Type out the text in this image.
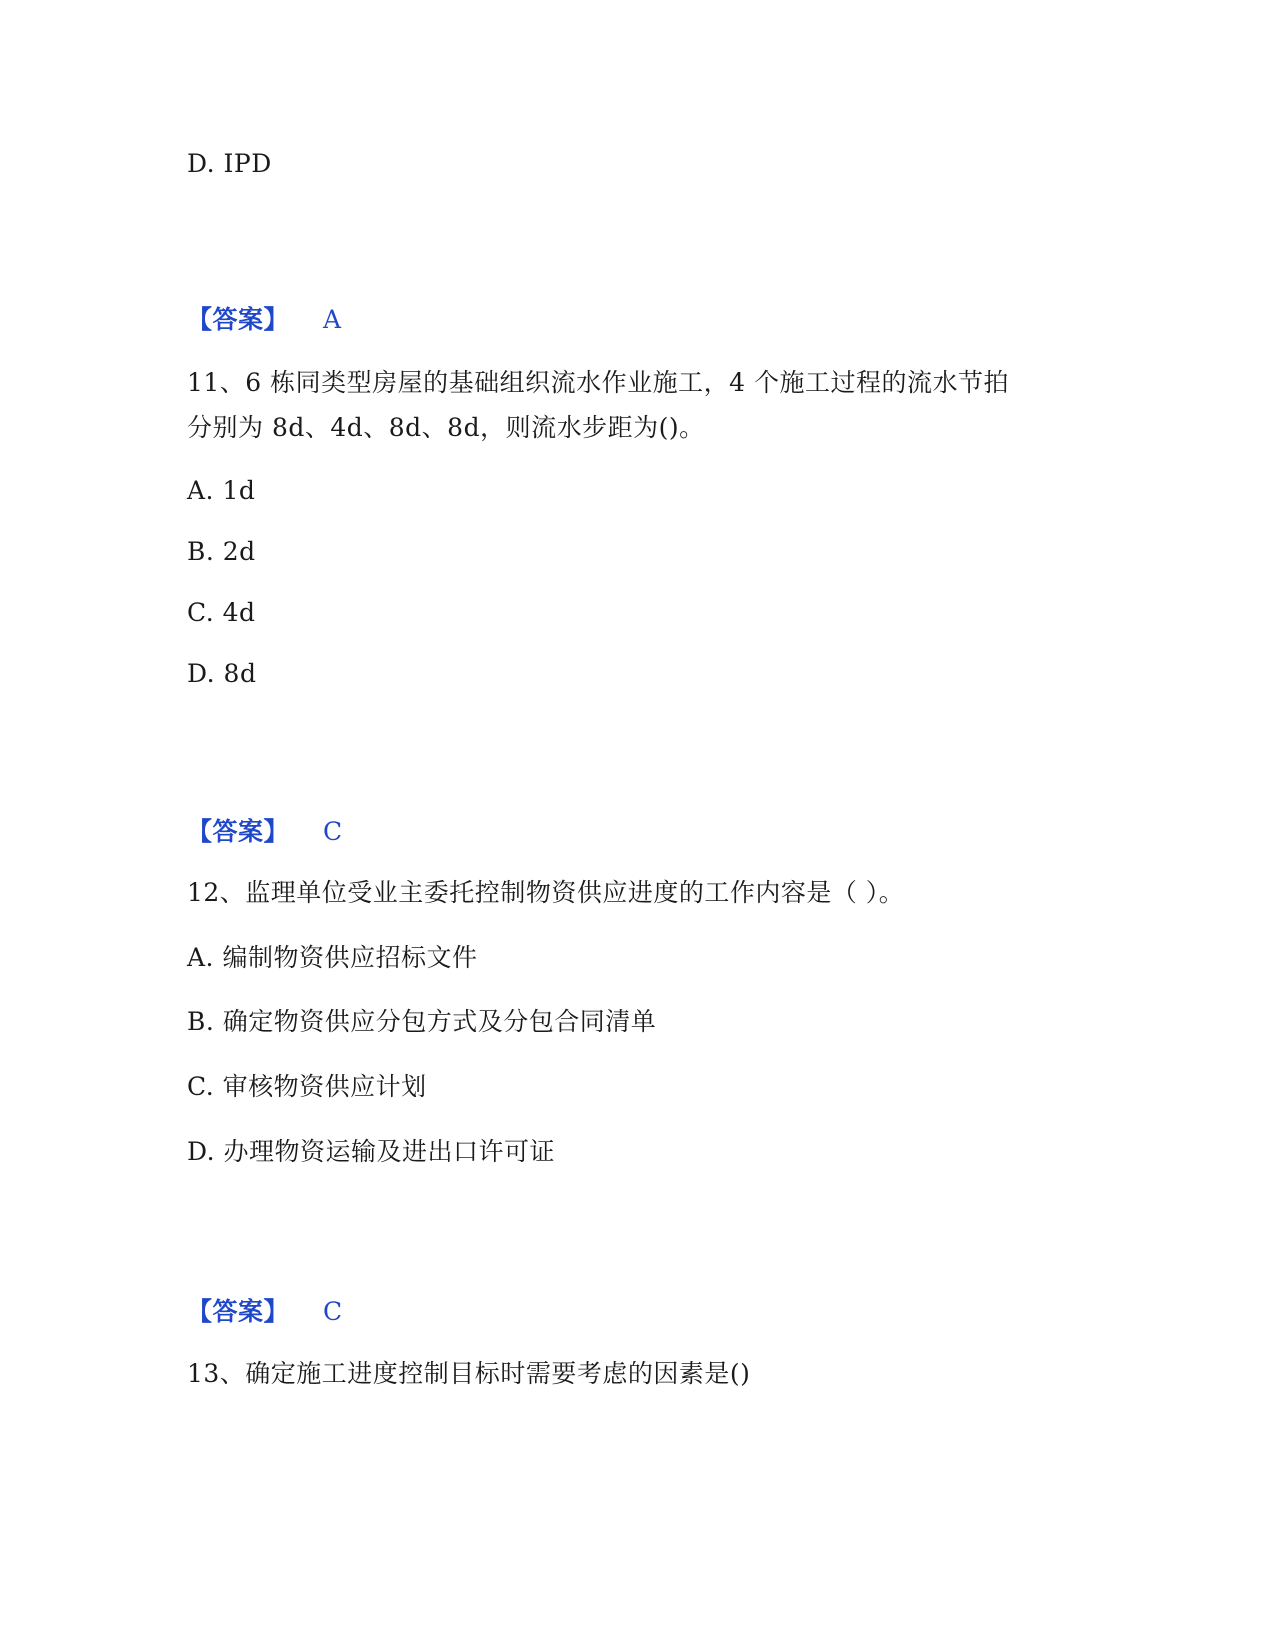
D. IPD
【答案】 A
11、6 栋同类型房屋的基础组织流水作业施工，4 个施工过程的流水节拍
分别为 8d、4d、8d、8d，则流水步距为()。
A. 1d
B. 2d
C. 4d
D. 8d
【答案】 C
12、监理单位受业主委托控制物资供应进度的工作内容是（ ）。
A. 编制物资供应招标文件
B. 确定物资供应分包方式及分包合同清单
C. 审核物资供应计划
D. 办理物资运输及进出口许可证
【答案】 C
13、确定施工进度控制目标时需要考虑的因素是()
